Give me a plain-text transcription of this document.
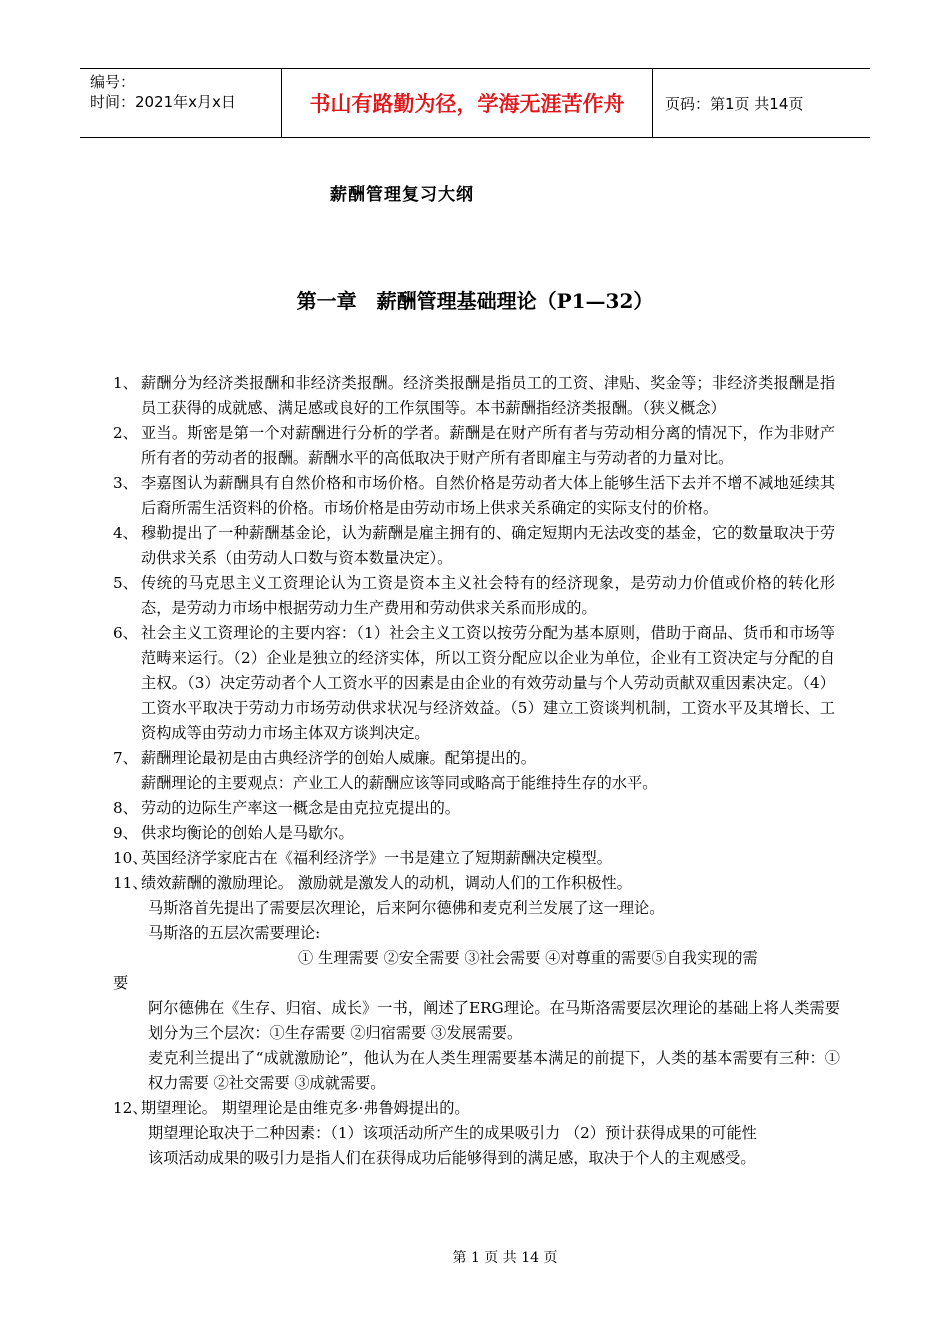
编号：
时间：2021年x月x日	书山有路勤为径，学海无涯苦作舟	页码：第1页 共14页
薪酬管理复习大纲
第一章　薪酬管理基础理论（P1—32）
1、 薪酬分为经济类报酬和非经济类报酬。经济类报酬是指员工的工资、津贴、奖金等；非经济类报酬是指员工获得的成就感、满足感或良好的工作氛围等。本书薪酬指经济类报酬。（狭义概念）
2、 亚当。斯密是第一个对薪酬进行分析的学者。薪酬是在财产所有者与劳动相分离的情况下，作为非财产所有者的劳动者的报酬。薪酬水平的高低取决于财产所有者即雇主与劳动者的力量对比。
3、 李嘉图认为薪酬具有自然价格和市场价格。自然价格是劳动者大体上能够生活下去并不增不减地延续其后裔所需生活资料的价格。市场价格是由劳动市场上供求关系确定的实际支付的价格。
4、 穆勒提出了一种薪酬基金论，认为薪酬是雇主拥有的、确定短期内无法改变的基金，它的数量取决于劳动供求关系（由劳动人口数与资本数量决定）。
5、 传统的马克思主义工资理论认为工资是资本主义社会特有的经济现象，是劳动力价值或价格的转化形态，是劳动力市场中根据劳动力生产费用和劳动供求关系而形成的。
6、 社会主义工资理论的主要内容：（1）社会主义工资以按劳分配为基本原则，借助于商品、货币和市场等范畴来运行。（2）企业是独立的经济实体，所以工资分配应以企业为单位，企业有工资决定与分配的自主权。（3）决定劳动者个人工资水平的因素是由企业的有效劳动量与个人劳动贡献双重因素决定。（4）工资水平取决于劳动力市场劳动供求状况与经济效益。（5）建立工资谈判机制，工资水平及其增长、工资构成等由劳动力市场主体双方谈判决定。
7、 薪酬理论最初是由古典经济学的创始人威廉。配第提出的。
薪酬理论的主要观点：产业工人的薪酬应该等同或略高于能维持生存的水平。
8、 劳动的边际生产率这一概念是由克拉克提出的。
9、 供求均衡论的创始人是马歇尔。
10、
英国经济学家庇古在《福利经济学》一书是建立了短期薪酬决定模型。
11、
绩效薪酬的激励理论。 激励就是激发人的动机，调动人们的工作积极性。
马斯洛首先提出了需要层次理论，后来阿尔德佛和麦克利兰发展了这一理论。
马斯洛的五层次需要理论:
① 生理需要 ②安全需要 ③社会需要 ④对尊重的需要⑤自我实现的需
要
阿尔德佛在《生存、归宿、成长》一书，阐述了ERG理论。在马斯洛需要层次理论的基础上将人类需要划分为三个层次：①生存需要 ②归宿需要 ③发展需要。
麦克利兰提出了“成就激励论”，他认为在人类生理需要基本满足的前提下，人类的基本需要有三种：①权力需要 ②社交需要 ③成就需要。
12、
期望理论。 期望理论是由维克多·弗鲁姆提出的。
期望理论取决于二种因素：（1）该项活动所产生的成果吸引力 （2）预计获得成果的可能性
该项活动成果的吸引力是指人们在获得成功后能够得到的满足感，取决于个人的主观感受。
第 1 页 共 14 页
